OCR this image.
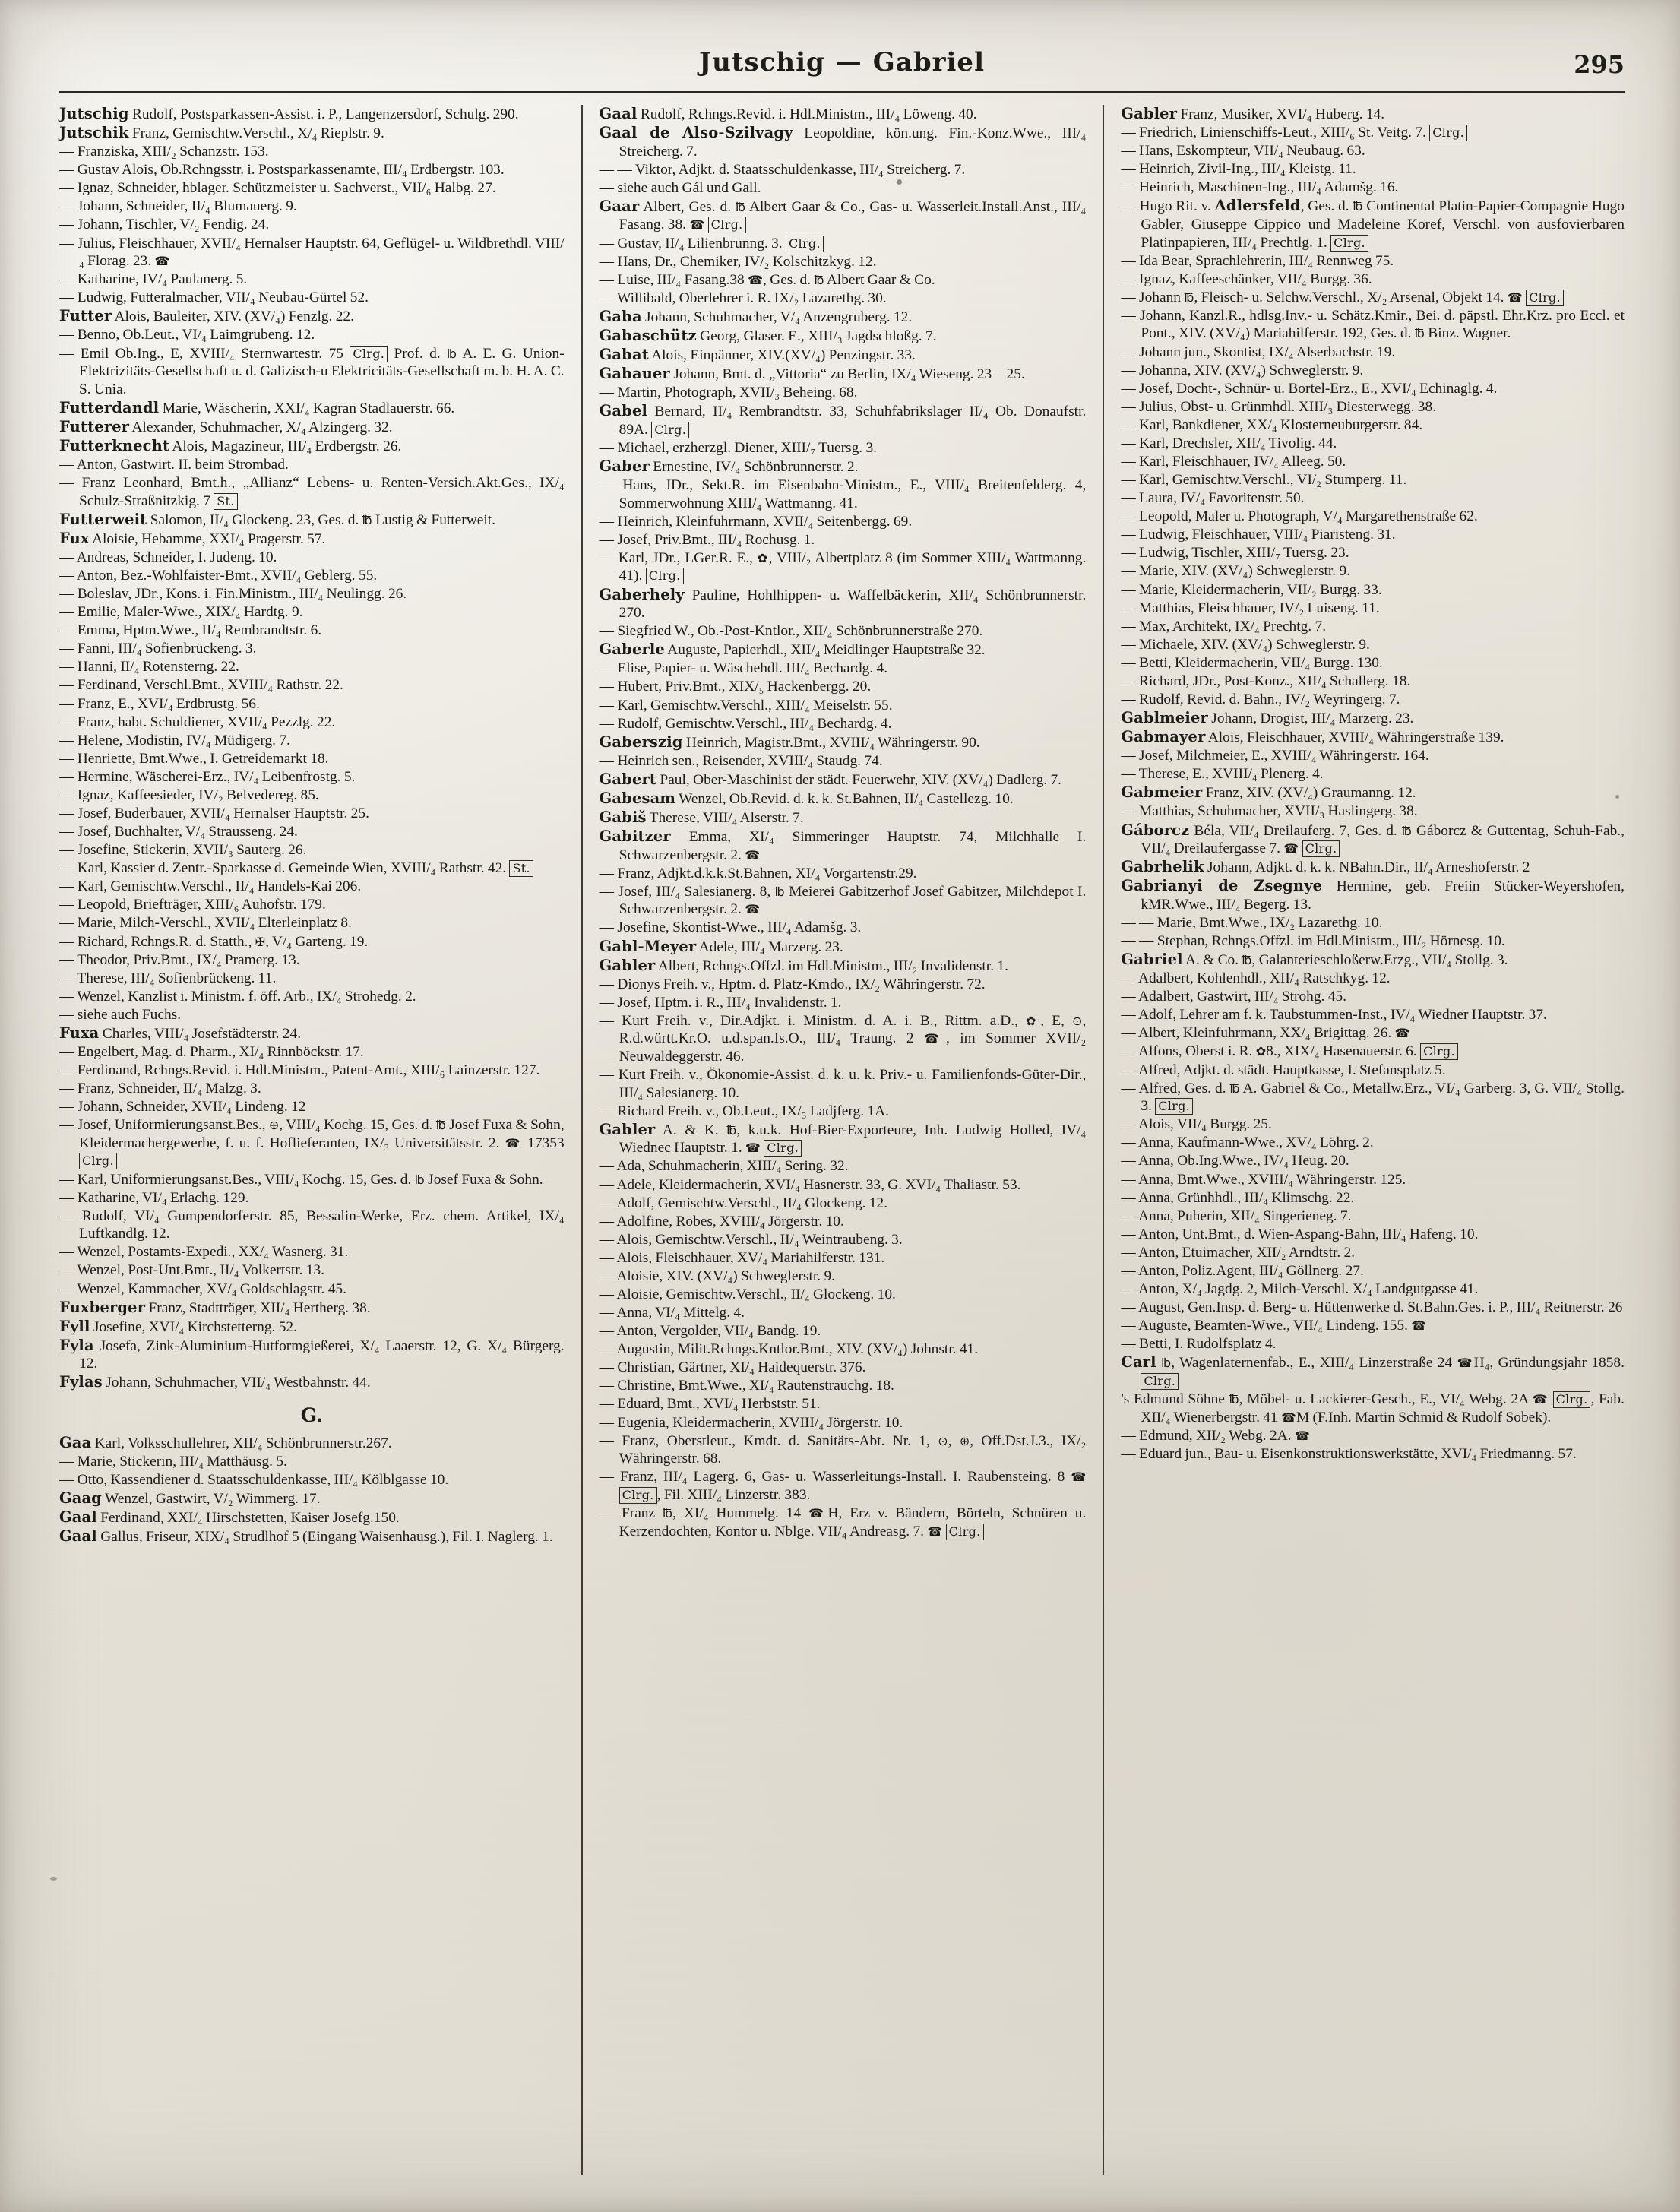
Jutschig — Gabriel	295

Jutschig Rudolf, Postsparkassen-Assist. i. P., Langenzersdorf, Schulg. 290.

Jutschik Franz, Gemischtw.Verschl., X/₄ Rieplstr. 9.

— Franziska, XIII/₂ Schanzstr. 153.

— Gustav Alois, Ob.Rchngsstr. i. Postsparkassenamte, III/₄ Erdbergstr. 103.

— Ignaz, Schneider, hblager. Schützmeister u. Sachverst., VII/₆ Halbg. 27.

— Johann, Schneider, II/₄ Blumauerg. 9.

— Johann, Tischler, V/₂ Fendig. 24.

— Julius, Fleischhauer, XVII/₄ Hernalser Hauptstr. 64, Geflügel- u. Wildbrethdl. VIII/₄ Florag. 23. ☎

— Katharine, IV/₄ Paulanerg. 5.

— Ludwig, Futteralmacher, VII/₄ Neubau-Gürtel 52.

Futter Alois, Bauleiter, XIV. (XV/₄) Fenzlg. 22.

— Benno, Ob.Leut., VI/₄ Laimgrubeng. 12.

— Emil Ob.Ing., E, XVIII/₄ Sternwartestr. 75 Clrg. Prof. d. ℔ A. E. G. Union-Elektrizitäts-Gesellschaft u. d. Galizisch-u Elektricitäts-Gesellschaft m. b. H. A. C. S. Unia.

Futterdandl Marie, Wäscherin, XXI/₄ Kagran Stadlauerstr. 66.

Futterer Alexander, Schuhmacher, X/₄ Alzingerg. 32.

Futterknecht Alois, Magazineur, III/₄ Erdbergstr. 26.

— Anton, Gastwirt. II. beim Strombad.

— Franz Leonhard, Bmt.h., „Allianz“ Lebens- u. Renten-Versich.Akt.Ges., IX/₄ Schulz-Straßnitzkig. 7 St.

Futterweit Salomon, II/₄ Glockeng. 23, Ges. d. ℔ Lustig & Futterweit.

Fux Aloisie, Hebamme, XXI/₄ Pragerstr. 57.

— Andreas, Schneider, I. Judeng. 10.

— Anton, Bez.-Wohlfaister-Bmt., XVII/₄ Geblerg. 55.

— Boleslav, JDr., Kons. i. Fin.Ministm., III/₄ Neulingg. 26.

— Emilie, Maler-Wwe., XIX/₄ Hardtg. 9.

— Emma, Hptm.Wwe., II/₄ Rembrandtstr. 6.

— Fanni, III/₄ Sofienbrückeng. 3.

— Hanni, II/₄ Rotensterng. 22.

— Ferdinand, Verschl.Bmt., XVIII/₄ Rathstr. 22.

— Franz, E., XVI/₄ Erdbrustg. 56.

— Franz, habt. Schuldiener, XVII/₄ Pezzlg. 22.

— Helene, Modistin, IV/₄ Müdigerg. 7.

— Henriette, Bmt.Wwe., I. Getreidemarkt 18.

— Hermine, Wäscherei-Erz., IV/₄ Leibenfrostg. 5.

— Ignaz, Kaffeesieder, IV/₂ Belvedereg. 85.

— Josef, Buderbauer, XVII/₄ Hernalser Hauptstr. 25.

— Josef, Buchhalter, V/₄ Strausseng. 24.

— Josefine, Stickerin, XVII/₃ Sauterg. 26.

— Karl, Kassier d. Zentr.-Sparkasse d. Gemeinde Wien, XVIII/₄ Rathstr. 42. St.

— Karl, Gemischtw.Verschl., II/₄ Handels-Kai 206.

— Leopold, Briefträger, XIII/₆ Auhofstr. 179.

— Marie, Milch-Verschl., XVII/₄ Elterleinplatz 8.

— Richard, Rchngs.R. d. Statth., ✠, V/₄ Garteng. 19.

— Theodor, Priv.Bmt., IX/₄ Pramerg. 13.

— Therese, III/₄ Sofienbrückeng. 11.

— Wenzel, Kanzlist i. Ministm. f. öff. Arb., IX/₄ Strohedg. 2.

— siehe auch Fuchs.

Fuxa Charles, VIII/₄ Josefstädterstr. 24.

— Engelbert, Mag. d. Pharm., XI/₄ Rinnböckstr. 17.

— Ferdinand, Rchngs.Revid. i. Hdl.Ministm., Patent-Amt., XIII/₆ Lainzerstr. 127.

— Franz, Schneider, II/₄ Malzg. 3.

— Johann, Schneider, XVII/₄ Lindeng. 12

— Josef, Uniformierungsanst.Bes., ⊕, VIII/₄ Kochg. 15, Ges. d. ℔ Josef Fuxa & Sohn, Kleidermachergewerbe, f. u. f. Hoflieferanten, IX/₃ Universitätsstr. 2. ☎ 17353 Clrg.

— Karl, Uniformierungsanst.Bes., VIII/₄ Kochg. 15, Ges. d. ℔ Josef Fuxa & Sohn.

— Katharine, VI/₄ Erlachg. 129.

— Rudolf, VI/₄ Gumpendorferstr. 85, Bessalin-Werke, Erz. chem. Artikel, IX/₄ Luftkandlg. 12.

— Wenzel, Postamts-Expedi., XX/₄ Wasnerg. 31.

— Wenzel, Post-Unt.Bmt., II/₄ Volkertstr. 13.

— Wenzel, Kammacher, XV/₄ Goldschlagstr. 45.

Fuxberger Franz, Stadtträger, XII/₄ Hertherg. 38.

Fyll Josefine, XVI/₄ Kirchstetterng. 52.

Fyla Josefa, Zink-Aluminium-Hutformgießerei, X/₄ Laaerstr. 12, G. X/₄ Bürgerg. 12.

Fylas Johann, Schuhmacher, VII/₄ Westbahnstr. 44.

G.

Gaa Karl, Volksschullehrer, XII/₄ Schönbrunnerstr.267.

— Marie, Stickerin, III/₄ Matthäusg. 5.

— Otto, Kassendiener d. Staatsschuldenkasse, III/₄ Kölblgasse 10.

Gaag Wenzel, Gastwirt, V/₂ Wimmerg. 17.

Gaal Ferdinand, XXI/₄ Hirschstetten, Kaiser Josefg.150.

Gaal Gallus, Friseur, XIX/₄ Strudlhof 5 (Eingang Waisenhausg.), Fil. I. Naglerg. 1.

Gaal Rudolf, Rchngs.Revid. i. Hdl.Ministm., III/₄ Löweng. 40.

Gaal de Also-Szilvagy Leopoldine, kön.ung. Fin.-Konz.Wwe., III/₄ Streicherg. 7.

— — Viktor, Adjkt. d. Staatsschuldenkasse, III/₄ Streicherg. 7.

— siehe auch Gál und Gall.

Gaar Albert, Ges. d. ℔ Albert Gaar & Co., Gas- u. Wasserleit.Install.Anst., III/₄ Fasang. 38. ☎ Clrg.

— Gustav, II/₄ Lilienbrunng. 3. Clrg.

— Hans, Dr., Chemiker, IV/₂ Kolschitzkyg. 12.

— Luise, III/₄ Fasang.38 ☎, Ges. d. ℔ Albert Gaar & Co.

— Willibald, Oberlehrer i. R. IX/₂ Lazarethg. 30.

Gaba Johann, Schuhmacher, V/₄ Anzengruberg. 12.

Gabaschütz Georg, Glaser. E., XIII/₃ Jagdschloßg. 7.

Gabat Alois, Einpänner, XIV.(XV/₄) Penzingstr. 33.

Gabauer Johann, Bmt. d. „Vittoria“ zu Berlin, IX/₄ Wieseng. 23—25.

— Martin, Photograph, XVII/₃ Beheing. 68.

Gabel Bernard, II/₄ Rembrandtstr. 33, Schuhfabrikslager II/₄ Ob. Donaufstr. 89A. Clrg.

— Michael, erzherzgl. Diener, XIII/₇ Tuersg. 3.

Gaber Ernestine, IV/₄ Schönbrunnerstr. 2.

— Hans, JDr., Sekt.R. im Eisenbahn-Ministm., E., VIII/₄ Breitenfelderg. 4, Sommerwohnung XIII/₄ Wattmanng. 41.

— Heinrich, Kleinfuhrmann, XVII/₄ Seitenbergg. 69.

— Josef, Priv.Bmt., III/₄ Rochusg. 1.

— Karl, JDr., LGer.R. E., ✿, VIII/₂ Albertplatz 8 (im Sommer XIII/₄ Wattmanng. 41). Clrg.

Gaberhely Pauline, Hohlhippen- u. Waffelbäckerin, XII/₄ Schönbrunnerstr. 270.

— Siegfried W., Ob.-Post-Kntlor., XII/₄ Schönbrunnerstraße 270.

Gaberle Auguste, Papierhdl., XII/₄ Meidlinger Hauptstraße 32.

— Elise, Papier- u. Wäschehdl. III/₄ Bechardg. 4.

— Hubert, Priv.Bmt., XIX/₅ Hackenbergg. 20.

— Karl, Gemischtw.Verschl., XIII/₄ Meiselstr. 55.

— Rudolf, Gemischtw.Verschl., III/₄ Bechardg. 4.

Gaberszig Heinrich, Magistr.Bmt., XVIII/₄ Währingerstr. 90.

— Heinrich sen., Reisender, XVIII/₄ Staudg. 74.

Gabert Paul, Ober-Maschinist der städt. Feuerwehr, XIV. (XV/₄) Dadlerg. 7.

Gabesam Wenzel, Ob.Revid. d. k. k. St.Bahnen, II/₄ Castellezg. 10.

Gabiš Therese, VIII/₄ Alserstr. 7.

Gabitzer Emma, XI/₄ Simmeringer Hauptstr. 74, Milchhalle I. Schwarzenbergstr. 2. ☎

— Franz, Adjkt.d.k.k.St.Bahnen, XI/₄ Vorgartenstr.29.

— Josef, III/₄ Salesianerg. 8, ℔ Meierei Gabitzerhof Josef Gabitzer, Milchdepot I. Schwarzenbergstr. 2. ☎

— Josefine, Skontist-Wwe., III/₄ Adamšg. 3.

Gabl-Meyer Adele, III/₄ Marzerg. 23.

Gabler Albert, Rchngs.Offzl. im Hdl.Ministm., III/₂ Invalidenstr. 1.

— Dionys Freih. v., Hptm. d. Platz-Kmdo., IX/₂ Währingerstr. 72.

— Josef, Hptm. i. R., III/₄ Invalidenstr. 1.

— Kurt Freih. v., Dir.Adjkt. i. Ministm. d. A. i. B., Rittm. a.D., ✿, E, ⊙, R.d.württ.Kr.O. u.d.span.Is.O., III/₄ Traung. 2 ☎, im Sommer XVII/₂ Neuwaldeggerstr. 46.

— Kurt Freih. v., Ökonomie-Assist. d. k. u. k. Priv.- u. Familienfonds-Güter-Dir., III/₄ Salesianerg. 10.

— Richard Freih. v., Ob.Leut., IX/₃ Ladjferg. 1A.

Gabler A. & K. ℔, k.u.k. Hof-Bier-Exporteure, Inh. Ludwig Holled, IV/₄ Wiednec Hauptstr. 1. ☎ Clrg.

— Ada, Schuhmacherin, XIII/₄ Sering. 32.

— Adele, Kleidermacherin, XVI/₄ Hasnerstr. 33, G. XVI/₄ Thaliastr. 53.

— Adolf, Gemischtw.Verschl., II/₄ Glockeng. 12.

— Adolfine, Robes, XVIII/₄ Jörgerstr. 10.

— Alois, Gemischtw.Verschl., II/₄ Weintraubeng. 3.

— Alois, Fleischhauer, XV/₄ Mariahilferstr. 131.

— Aloisie, XIV. (XV/₄) Schweglerstr. 9.

— Aloisie, Gemischtw.Verschl., II/₄ Glockeng. 10.

— Anna, VI/₄ Mittelg. 4.

— Anton, Vergolder, VII/₄ Bandg. 19.

— Augustin, Milit.Rchngs.Kntlor.Bmt., XIV. (XV/₄) Johnstr. 41.

— Christian, Gärtner, XI/₄ Haidequerstr. 376.

— Christine, Bmt.Wwe., XI/₄ Rautenstrauchg. 18.

— Eduard, Bmt., XVI/₄ Herbststr. 51.

— Eugenia, Kleidermacherin, XVIII/₄ Jörgerstr. 10.

— Franz, Oberstleut., Kmdt. d. Sanitäts-Abt. Nr. 1, ⊙, ⊕, Off.Dst.J.3., IX/₂ Währingerstr. 68.

— Franz, III/₄ Lagerg. 6, Gas- u. Wasserleitungs-Install. I. Raubensteing. 8 ☎ Clrg. , Fil. XIII/₄ Linzerstr. 383.

— Franz ℔, XI/₄ Hummelg. 14 ☎H, Erz v. Bändern, Börteln, Schnüren u. Kerzendochten, Kontor u. Nblge. VII/₄ Andreasg. 7. ☎ Clrg.

Gabler Franz, Musiker, XVI/₄ Huberg. 14.

— Friedrich, Linienschiffs-Leut., XIII/₆ St. Veitg. 7. Clrg.

— Hans, Eskompteur, VII/₄ Neubaug. 63.

— Heinrich, Zivil-Ing., III/₄ Kleistg. 11.

— Heinrich, Maschinen-Ing., III/₄ Adamšg. 16.

— Hugo Rit. v. Adlersfeld, Ges. d. ℔ Continental Platin-Papier-Compagnie Hugo Gabler, Giuseppe Cippico und Madeleine Koref, Verschl. von ausfovierbaren Platinpapieren, III/₄ Prechtlg. 1. Clrg.

— Ida Bear, Sprachlehrerin, III/₄ Rennweg 75.

— Ignaz, Kaffeeschänker, VII/₄ Burgg. 36.

— Johann ℔, Fleisch- u. Selchw.Verschl., X/₂ Arsenal, Objekt 14. ☎ Clrg.

— Johann, Kanzl.R., hdlsg.Inv.- u. Schätz.Kmir., Bei. d. päpstl. Ehr.Krz. pro Eccl. et Pont., XIV. (XV/₄) Mariahilferstr. 192, Ges. d. ℔ Binz. Wagner.

— Johann jun., Skontist, IX/₄ Alserbachstr. 19.

— Johanna, XIV. (XV/₄) Schweglerstr. 9.

— Josef, Docht-, Schnür- u. Bortel-Erz., E., XVI/₄ Echinaglg. 4.

— Julius, Obst- u. Grünmhdl. XIII/₃ Diesterwegg. 38.

— Karl, Bankdiener, XX/₄ Klosterneuburgerstr. 84.

— Karl, Drechsler, XII/₄ Tivolig. 44.

— Karl, Fleischhauer, IV/₄ Alleeg. 50.

— Karl, Gemischtw.Verschl., VI/₂ Stumperg. 11.

— Laura, IV/₄ Favoritenstr. 50.

— Leopold, Maler u. Photograph, V/₄ Margarethenstraße 62.

— Ludwig, Fleischhauer, VIII/₄ Piaristeng. 31.

— Ludwig, Tischler, XIII/₇ Tuersg. 23.

— Marie, XIV. (XV/₄) Schweglerstr. 9.

— Marie, Kleidermacherin, VII/₂ Burgg. 33.

— Matthias, Fleischhauer, IV/₂ Luiseng. 11.

— Max, Architekt, IX/₄ Prechtg. 7.

— Michaele, XIV. (XV/₄) Schweglerstr. 9.

— Betti, Kleidermacherin, VII/₄ Burgg. 130.

— Richard, JDr., Post-Konz., XII/₄ Schallerg. 18.

— Rudolf, Revid. d. Bahn., IV/₂ Weyringerg. 7.

Gablmeier Johann, Drogist, III/₄ Marzerg. 23.

Gabmayer Alois, Fleischhauer, XVIII/₄ Währingerstraße 139.

— Josef, Milchmeier, E., XVIII/₄ Währingerstr. 164.

— Therese, E., XVIII/₄ Plenerg. 4.

Gabmeier Franz, XIV. (XV/₄) Graumanng. 12.

— Matthias, Schuhmacher, XVII/₃ Haslingerg. 38.

Gáborcz Béla, VII/₄ Dreilauferg. 7, Ges. d. ℔ Gáborcz & Guttentag, Schuh-Fab., VII/₄ Dreilaufergasse 7. ☎ Clrg.

Gabrhelik Johann, Adjkt. d. k. k. NBahn.Dir., II/₄ Arneshoferstr. 2

Gabrianyi de Zsegnye Hermine, geb. Freiin Stücker-Weyershofen, kMR.Wwe., III/₄ Begerg. 13.

— — Marie, Bmt.Wwe., IX/₂ Lazarethg. 10.

— — Stephan, Rchngs.Offzl. im Hdl.Ministm., III/₂ Hörnesg. 10.

Gabriel A. & Co. ℔, Galanterieschloßerw.Erzg., VII/₄ Stollg. 3.

— Adalbert, Kohlenhdl., XII/₄ Ratschkyg. 12.

— Adalbert, Gastwirt, III/₄ Strohg. 45.

— Adolf, Lehrer am f. k. Taubstummen-Inst., IV/₄ Wiedner Hauptstr. 37.

— Albert, Kleinfuhrmann, XX/₄ Brigittag. 26. ☎

— Alfons, Oberst i. R. ✿8., XIX/₄ Hasenauerstr. 6. Clrg.

— Alfred, Adjkt. d. städt. Hauptkasse, I. Stefansplatz 5.

— Alfred, Ges. d. ℔ A. Gabriel & Co., Metallw.Erz., VI/₄ Garberg. 3, G. VII/₄ Stollg. 3. Clrg.

— Alois, VII/₄ Burgg. 25.

— Anna, Kaufmann-Wwe., XV/₄ Löhrg. 2.

— Anna, Ob.Ing.Wwe., IV/₄ Heug. 20.

— Anna, Bmt.Wwe., XVIII/₄ Währingerstr. 125.

— Anna, Grünhhdl., III/₄ Klimschg. 22.

— Anna, Puherin, XII/₄ Singerieneg. 7.

— Anton, Unt.Bmt., d. Wien-Aspang-Bahn, III/₄ Hafeng. 10.

— Anton, Etuimacher, XII/₂ Arndtstr. 2.

— Anton, Poliz.Agent, III/₄ Göllnerg. 27.

— Anton, X/₄ Jagdg. 2, Milch-Verschl. X/₄ Landgutgasse 41.

— August, Gen.Insp. d. Berg- u. Hüttenwerke d. St.Bahn.Ges. i. P., III/₄ Reitnerstr. 26

— Auguste, Beamten-Wwe., VII/₄ Lindeng. 155. ☎

— Betti, I. Rudolfsplatz 4.

Carl ℔, Wagenlaternenfab., E., XIII/₄ Linzerstraße 24 ☎H₄, Gründungsjahr 1858. Clrg.

's Edmund Söhne ℔, Möbel- u. Lackierer-Gesch., E., VI/₄ Webg. 2A ☎ Clrg. , Fab. XII/₄ Wienerbergstr. 41 ☎M (F.Inh. Martin Schmid & Rudolf Sobek).

— Edmund, XII/₂ Webg. 2A. ☎

— Eduard jun., Bau- u. Eisenkonstruktionswerkstätte, XVI/₄ Friedmanng. 57.
